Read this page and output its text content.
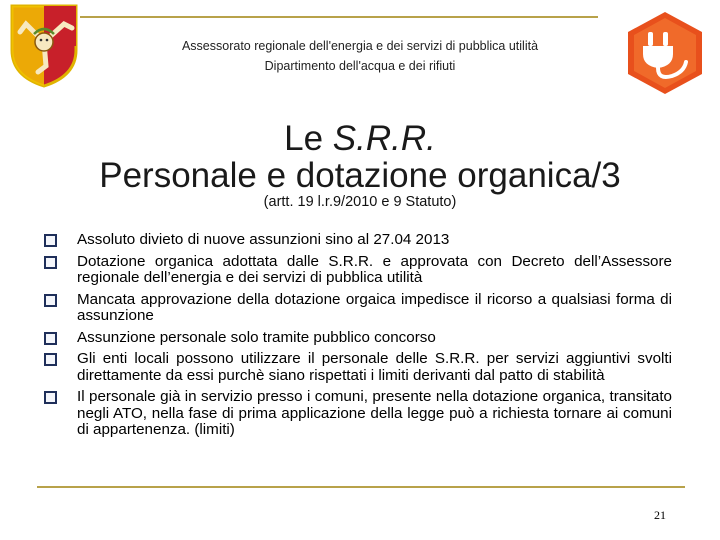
Assessorato regionale dell'energia e dei servizi di pubblica utilità
Dipartimento dell'acqua e dei rifiuti
Le S.R.R.
Personale e dotazione organica/3
(artt. 19 l.r.9/2010 e 9 Statuto)
Assoluto divieto di nuove assunzioni sino al 27.04 2013
Dotazione organica adottata dalle S.R.R. e approvata con Decreto dell’Assessore regionale dell’energia e dei servizi di pubblica utilità
Mancata approvazione della dotazione orgaica impedisce il ricorso a qualsiasi forma di assunzione
Assunzione personale solo tramite pubblico concorso
Gli enti locali possono utilizzare il personale delle S.R.R. per servizi aggiuntivi svolti direttamente da essi purchè siano rispettati i limiti derivanti dal patto di stabilità
Il personale già in servizio presso i comuni, presente nella dotazione organica, transitato negli ATO, nella fase di prima applicazione della legge può a richiesta tornare ai comuni di appartenenza. (limiti)
21
